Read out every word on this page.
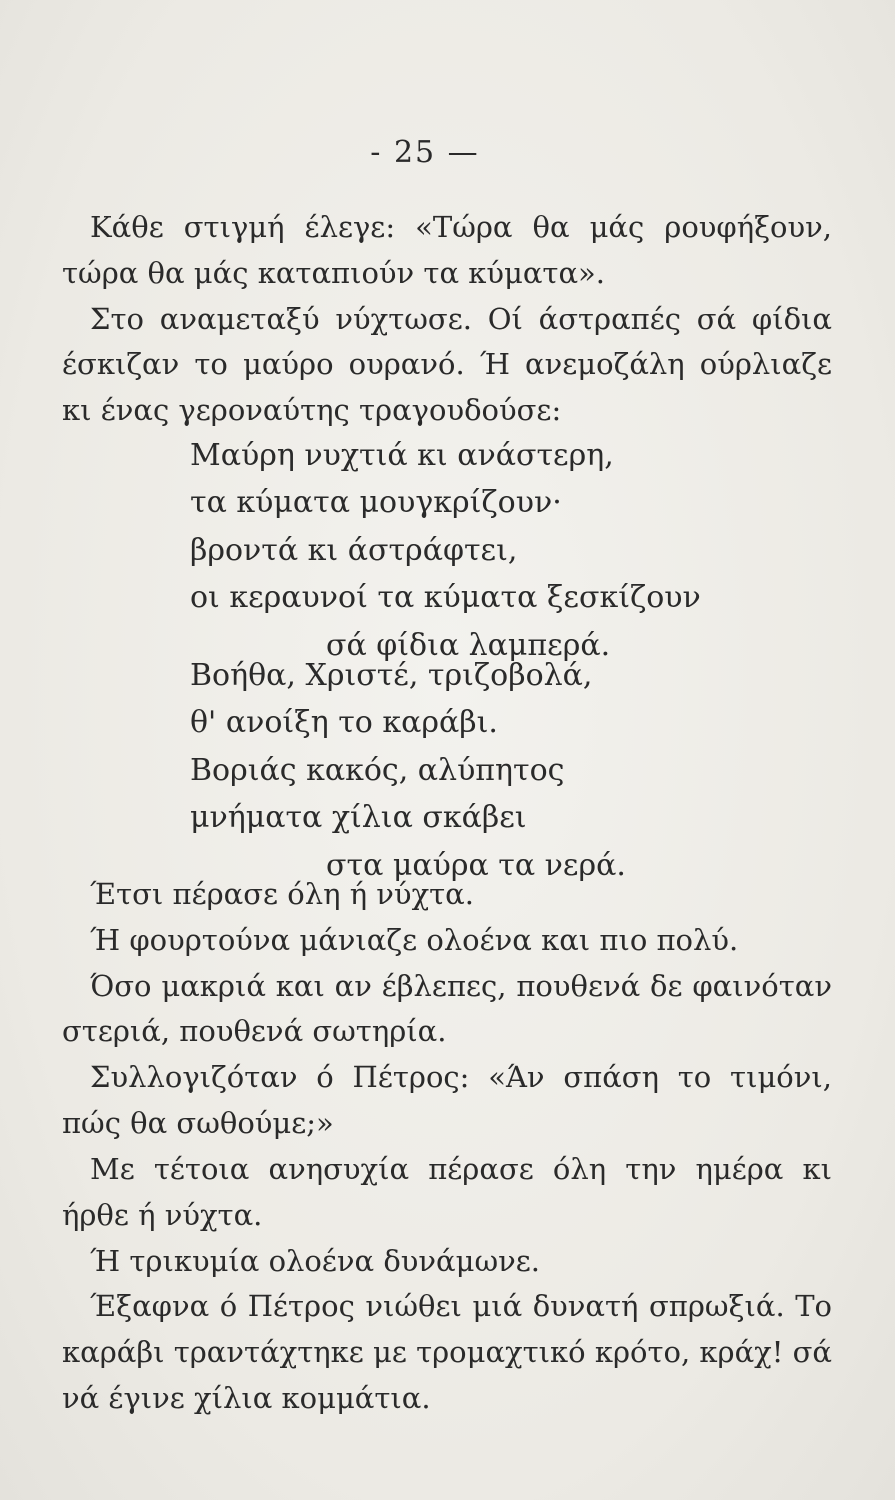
- 25 —

Κάθε στιγμή έλεγε: «Τώρα θα μάς ρουφήξουν, τώρα θα μάς καταπιούν τα κύματα».

Στο αναμεταξύ νύχτωσε. Οί άστραπές σά φίδια έσκιζαν το μαύρο ουρανό. Ή ανεμοζάλη ούρλιαζε κι ένας γεροναύτης τραγουδούσε:

Μαύρη νυχτιά κι ανάστερη,
τα κύματα μουγκρίζουν·
βροντά κι άστράφτει,
οι κεραυνοί τα κύματα ξεσκίζουν
σά φίδια λαμπερά.
Βοήθα, Χριστέ, τριζοβολά,
θ' ανοίξη το καράβι.
Βοριάς κακός, αλύπητος
μνήματα χίλια σκάβει
στα μαύρα τα νερά.

Έτσι πέρασε όλη ή νύχτα.

Ή φουρτούνα μάνιαζε ολοένα και πιο πολύ.

Όσο μακριά και αν έβλεπες, πουθενά δε φαινόταν στεριά, πουθενά σωτηρία.

Συλλογιζόταν ό Πέτρος: «Άν σπάση το τιμόνι, πώς θα σωθούμε;»

Με τέτοια ανησυχία πέρασε όλη την ημέρα κι ήρθε ή νύχτα.

Ή τρικυμία ολοένα δυνάμωνε.

Έξαφνα ό Πέτρος νιώθει μιά δυνατή σπρωξιά. Το καράβι τραντάχτηκε με τρομαχτικό κρότο, κράχ! σά νά έγινε χίλια κομμάτια.
